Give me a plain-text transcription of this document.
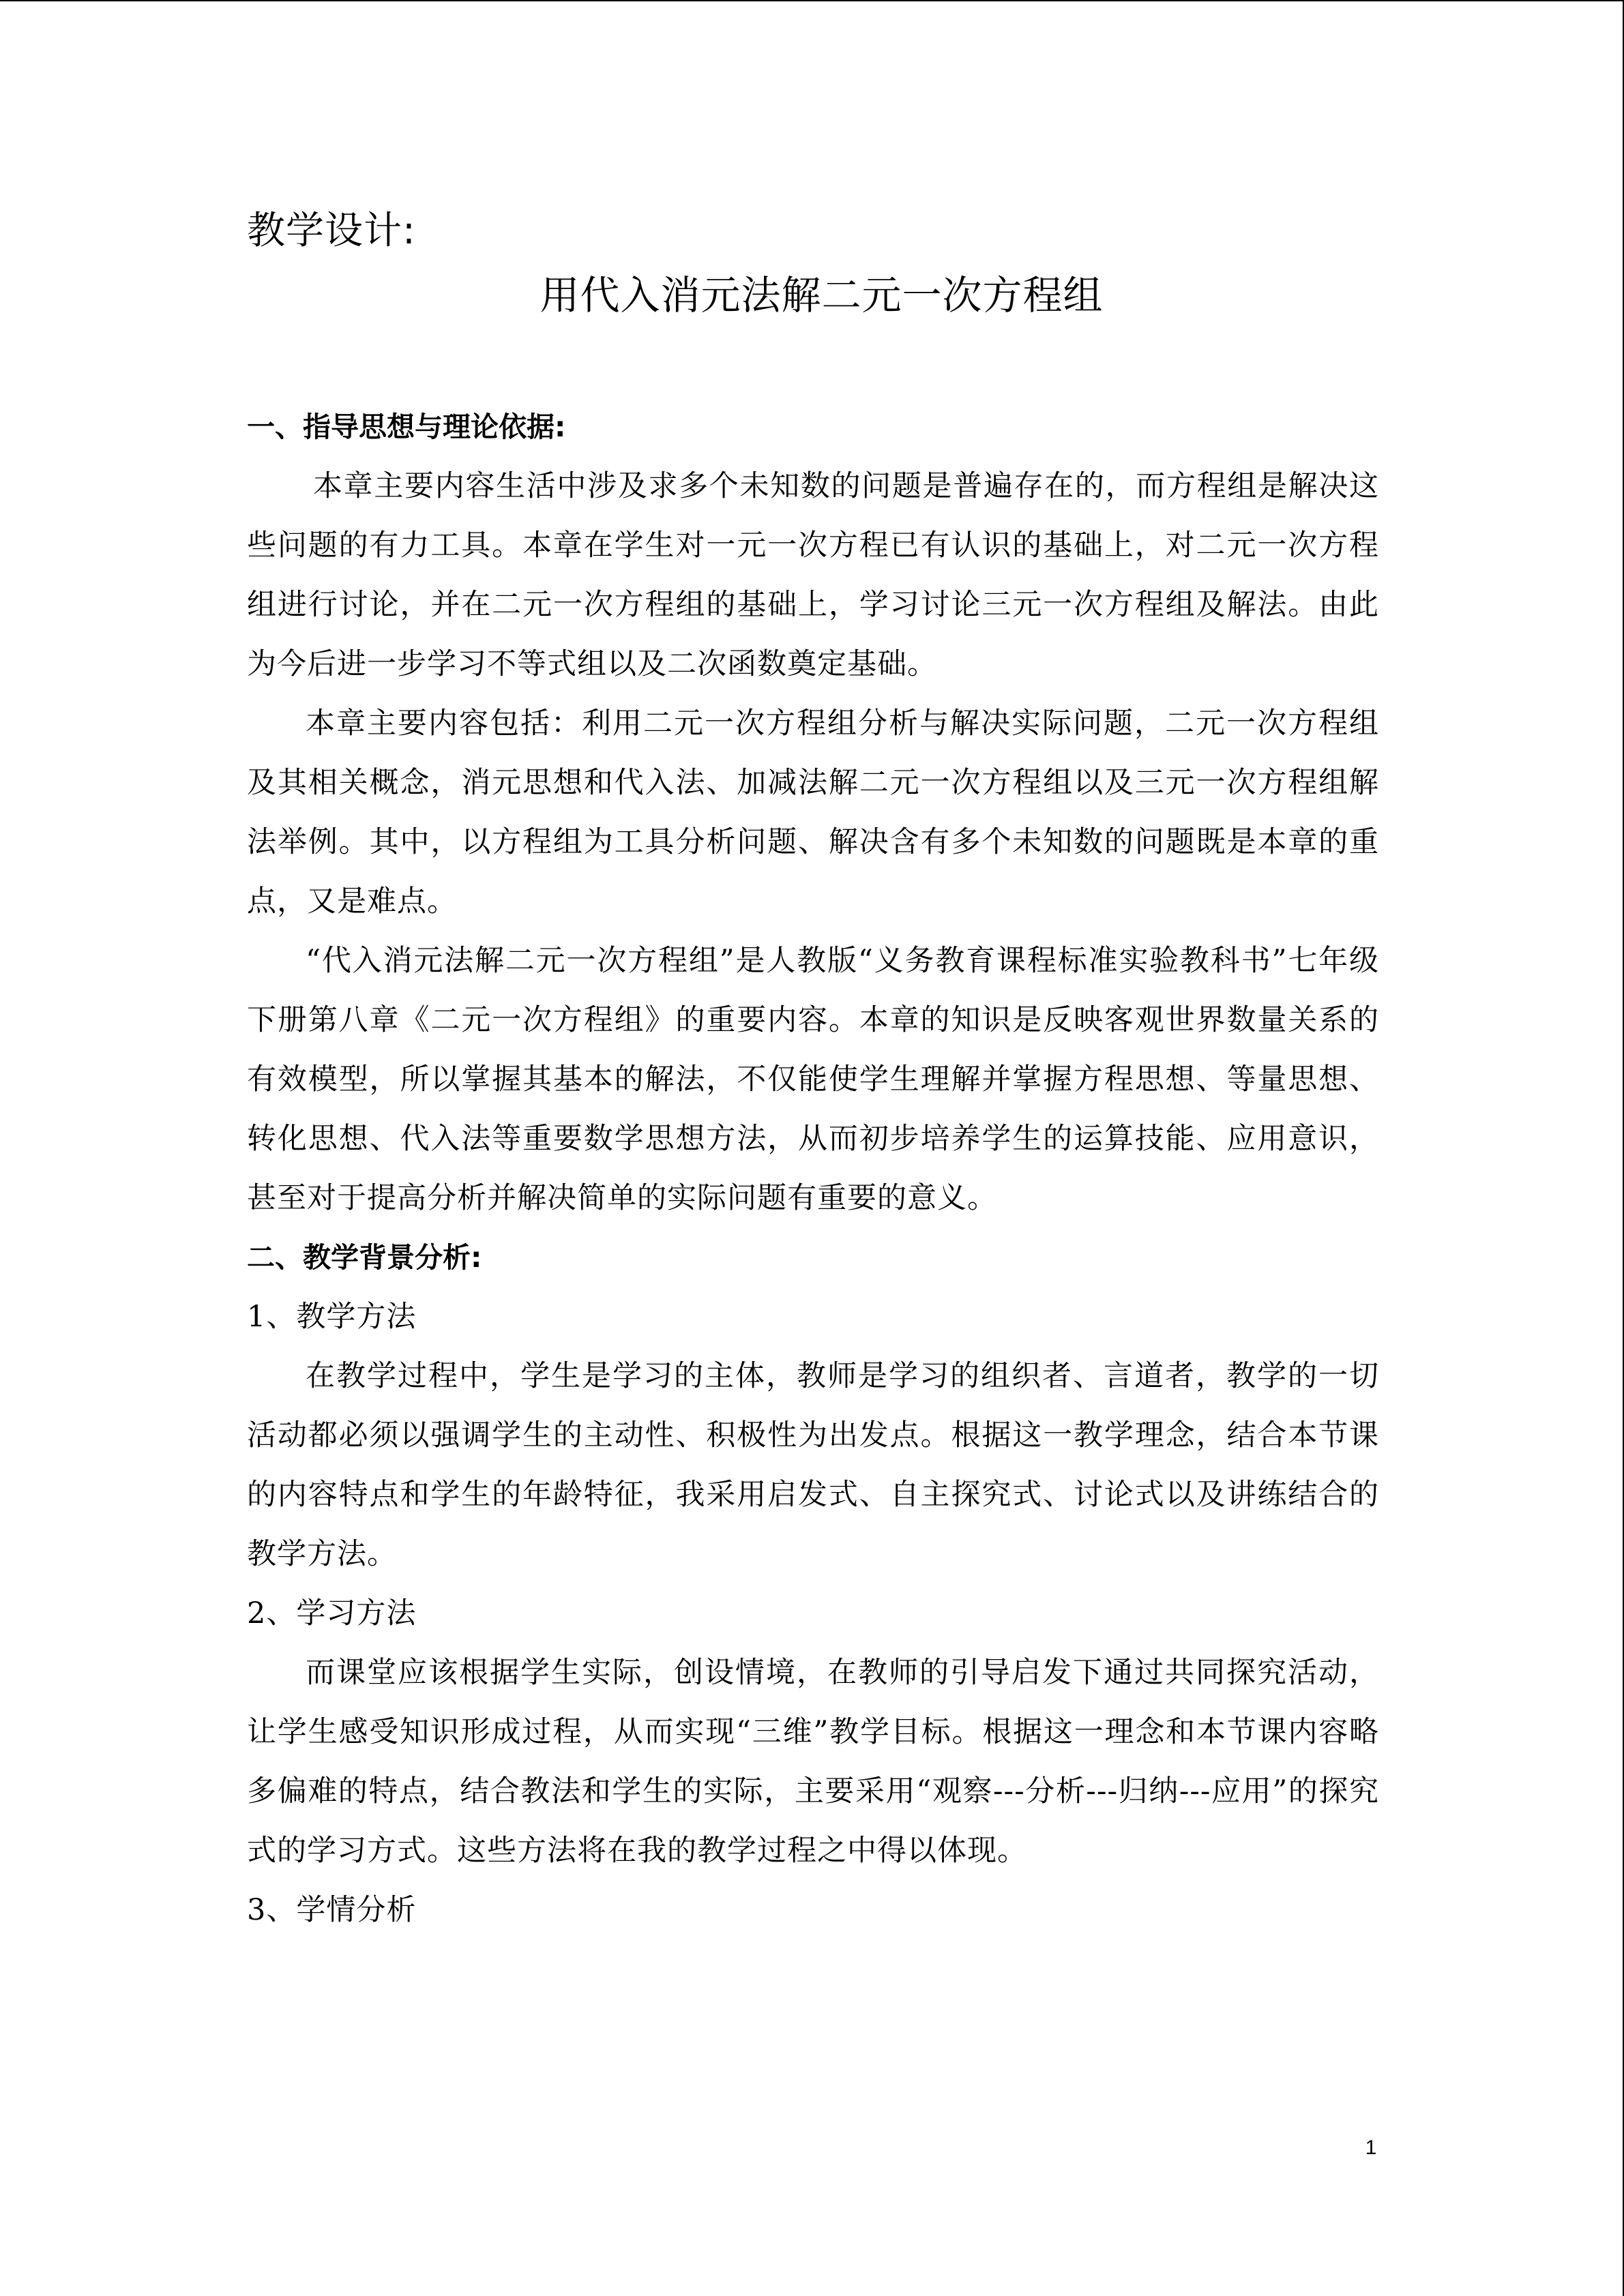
教学设计:

用代入消元法解二元一次方程组

一、指导思想与理论依据:

本章主要内容生活中涉及求多个未知数的问题是普遍存在的，而方程组是解决这些问题的有力工具。本章在学生对一元一次方程已有认识的基础上，对二元一次方程组进行讨论，并在二元一次方程组的基础上，学习讨论三元一次方程组及解法。由此为今后进一步学习不等式组以及二次函数奠定基础。

本章主要内容包括：利用二元一次方程组分析与解决实际问题，二元一次方程组及其相关概念，消元思想和代入法、加减法解二元一次方程组以及三元一次方程组解法举例。其中，以方程组为工具分析问题、解决含有多个未知数的问题既是本章的重点，又是难点。

“代入消元法解二元一次方程组”是人教版“义务教育课程标准实验教科书”七年级下册第八章《二元一次方程组》的重要内容。本章的知识是反映客观世界数量关系的有效模型，所以掌握其基本的解法，不仅能使学生理解并掌握方程思想、等量思想、转化思想、代入法等重要数学思想方法，从而初步培养学生的运算技能、应用意识，甚至对于提高分析并解决简单的实际问题有重要的意义。

二、教学背景分析:

1、教学方法

在教学过程中，学生是学习的主体，教师是学习的组织者、言道者，教学的一切活动都必须以强调学生的主动性、积极性为出发点。根据这一教学理念，结合本节课的内容特点和学生的年龄特征，我采用启发式、自主探究式、讨论式以及讲练结合的教学方法。

2、学习方法

而课堂应该根据学生实际，创设情境，在教师的引导启发下通过共同探究活动，让学生感受知识形成过程，从而实现“三维”教学目标。根据这一理念和本节课内容略多偏难的特点，结合教法和学生的实际，主要采用“观察---分析---归纳---应用”的探究式的学习方式。这些方法将在我的教学过程之中得以体现。

3、学情分析

1
